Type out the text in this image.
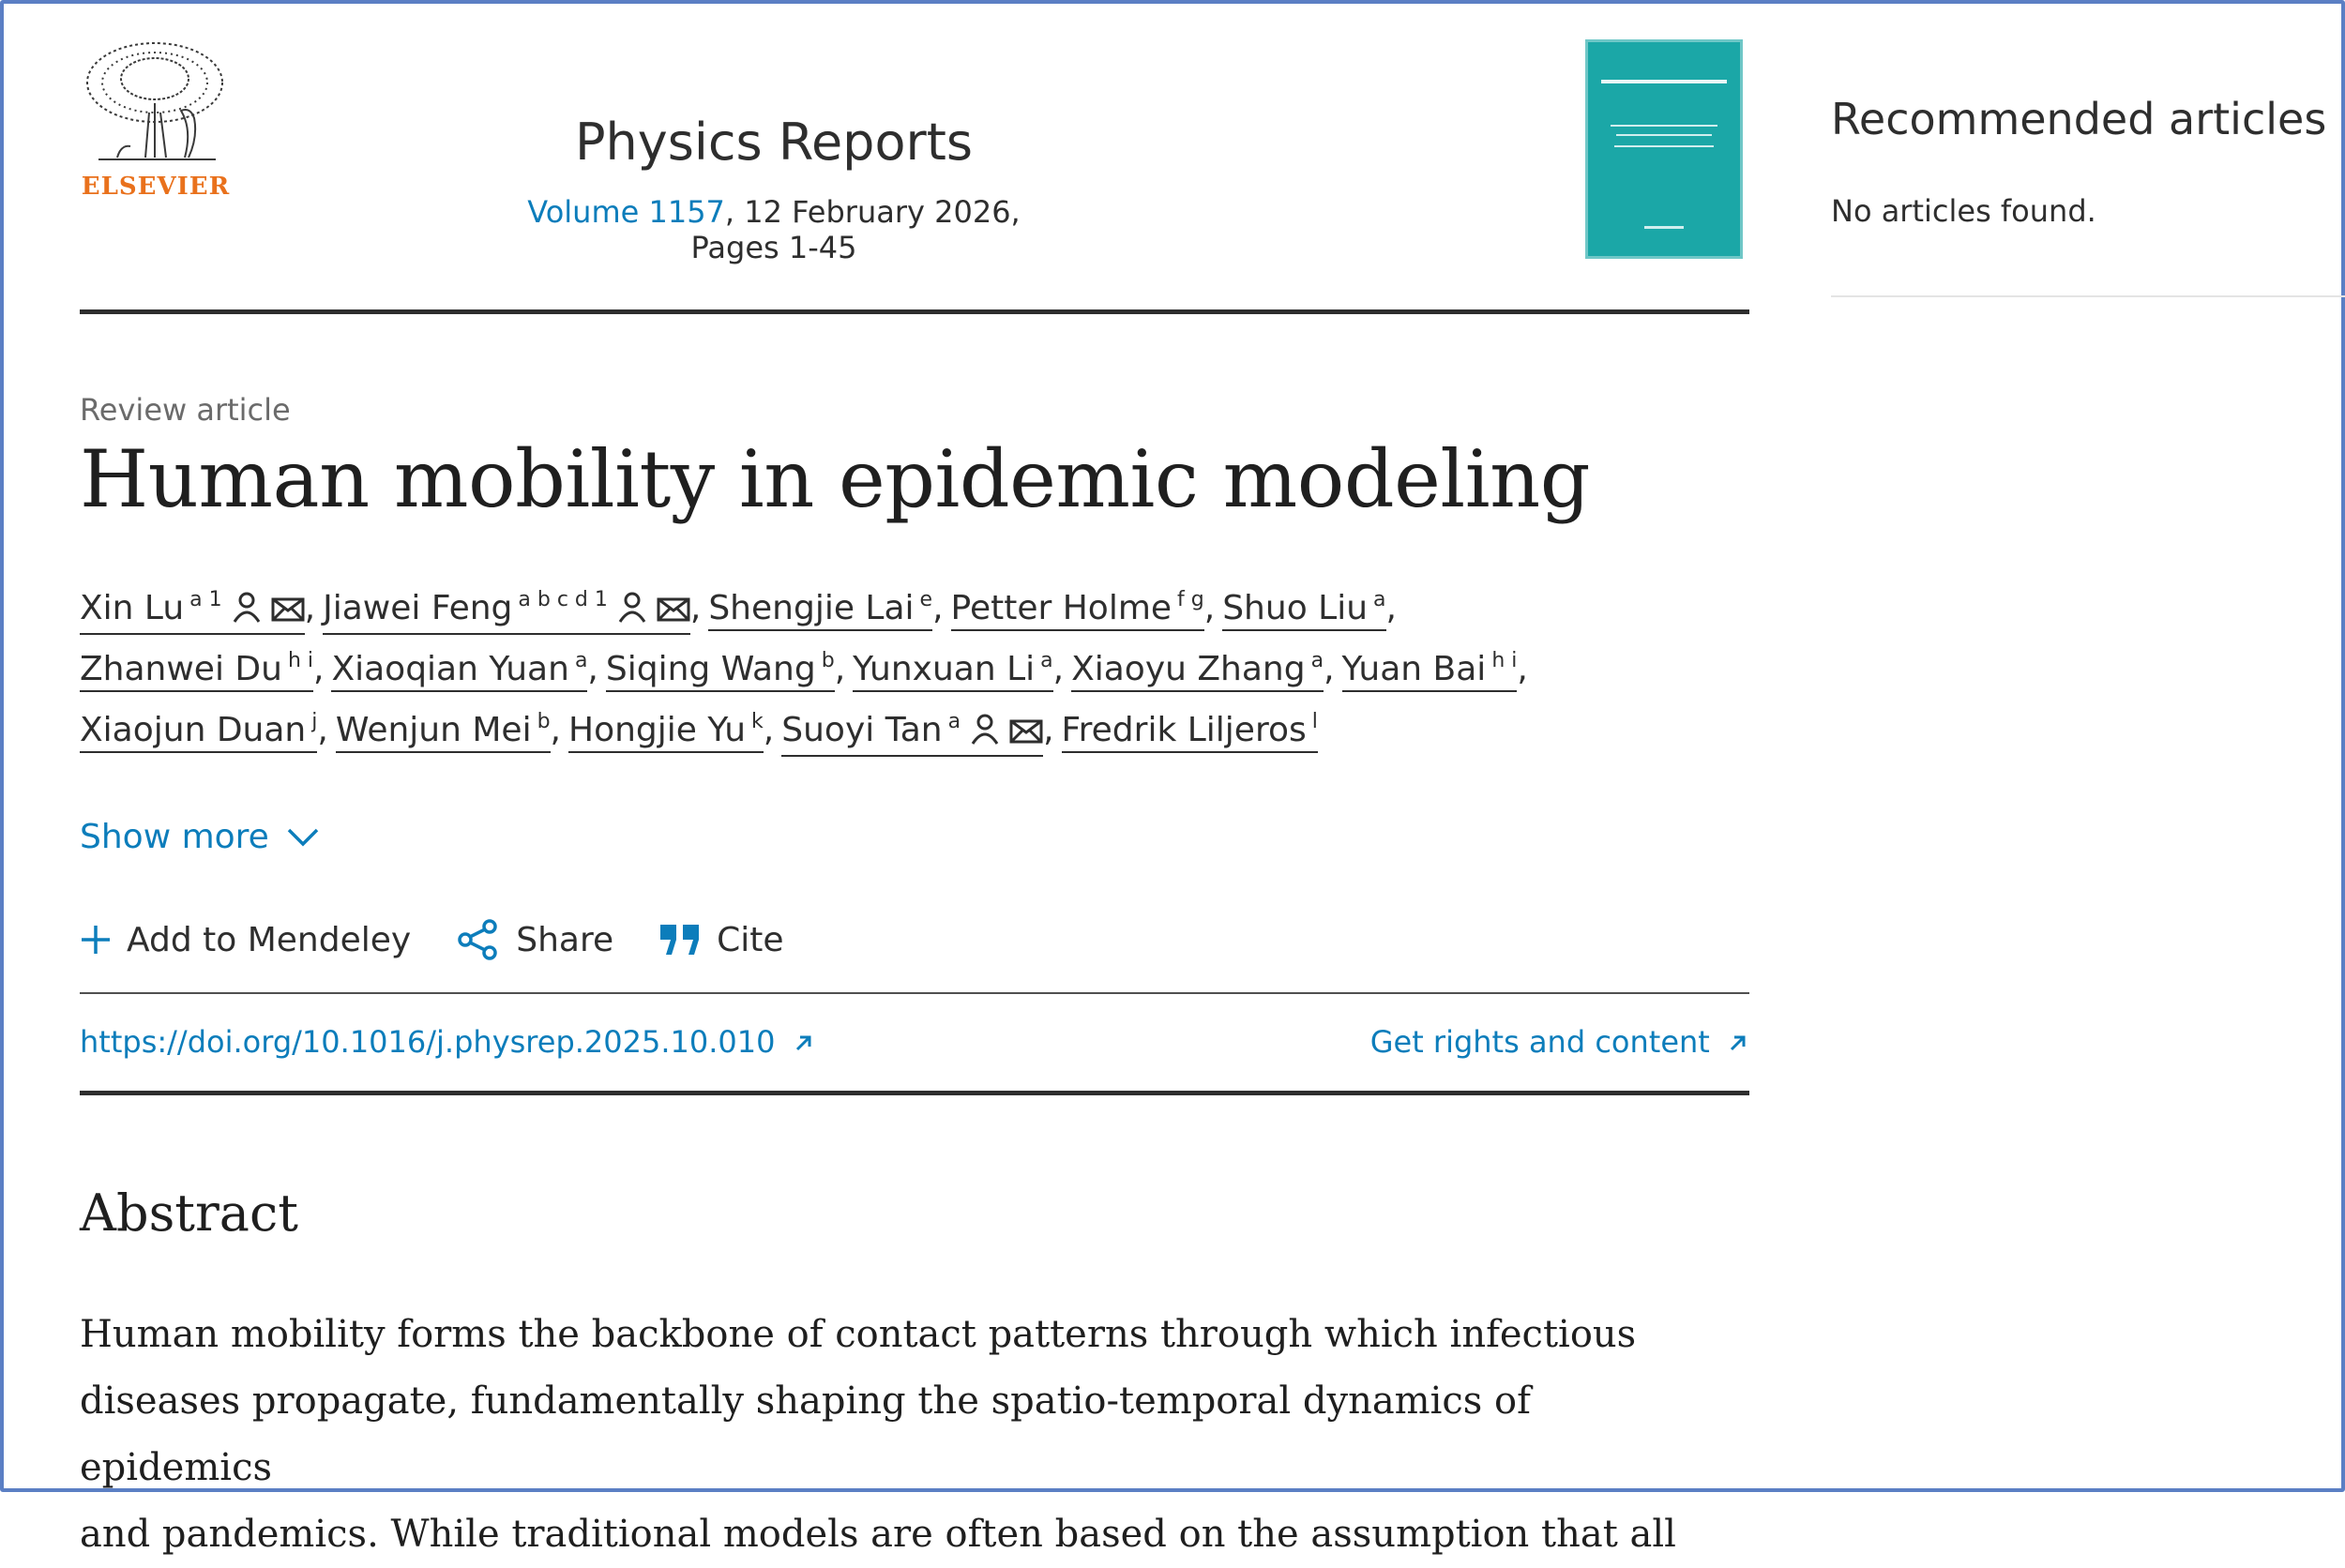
ELSEVIER
Physics Reports
Volume 1157, 12 February 2026, Pages 1-45
Review article
Human mobility in epidemic modeling
Xin Lu $^{a 1}$ , Jiawei Feng $^{a b c d 1}$ , Shengjie Lai $^e$, Petter Holme $^{f g}$, Shuo Liu $^a$,
Zhanwei Du $^{h i}$, Xiaoqian Yuan $^a$, Siqing Wang $^b$, Yunxuan Li $^a$, Xiaoyu Zhang $^a$, Yuan Bai $^{h i}$,
Xiaojun Duan $^j$, Wenjun Mei $^b$, Hongjie Yu $^k$, Suoyi Tan $^a$ , Fredrik Liljeros $^l$
Show more
Add to Mendeley	Share	Cite
https://doi.org/10.1016/j.physrep.2025.10.010	Get rights and content
Abstract
Human mobility forms the backbone of contact patterns through which infectious
diseases propagate, fundamentally shaping the spatio-temporal dynamics of epidemics
and pandemics. While traditional models are often based on the assumption that all
Recommended articles
No articles found.
